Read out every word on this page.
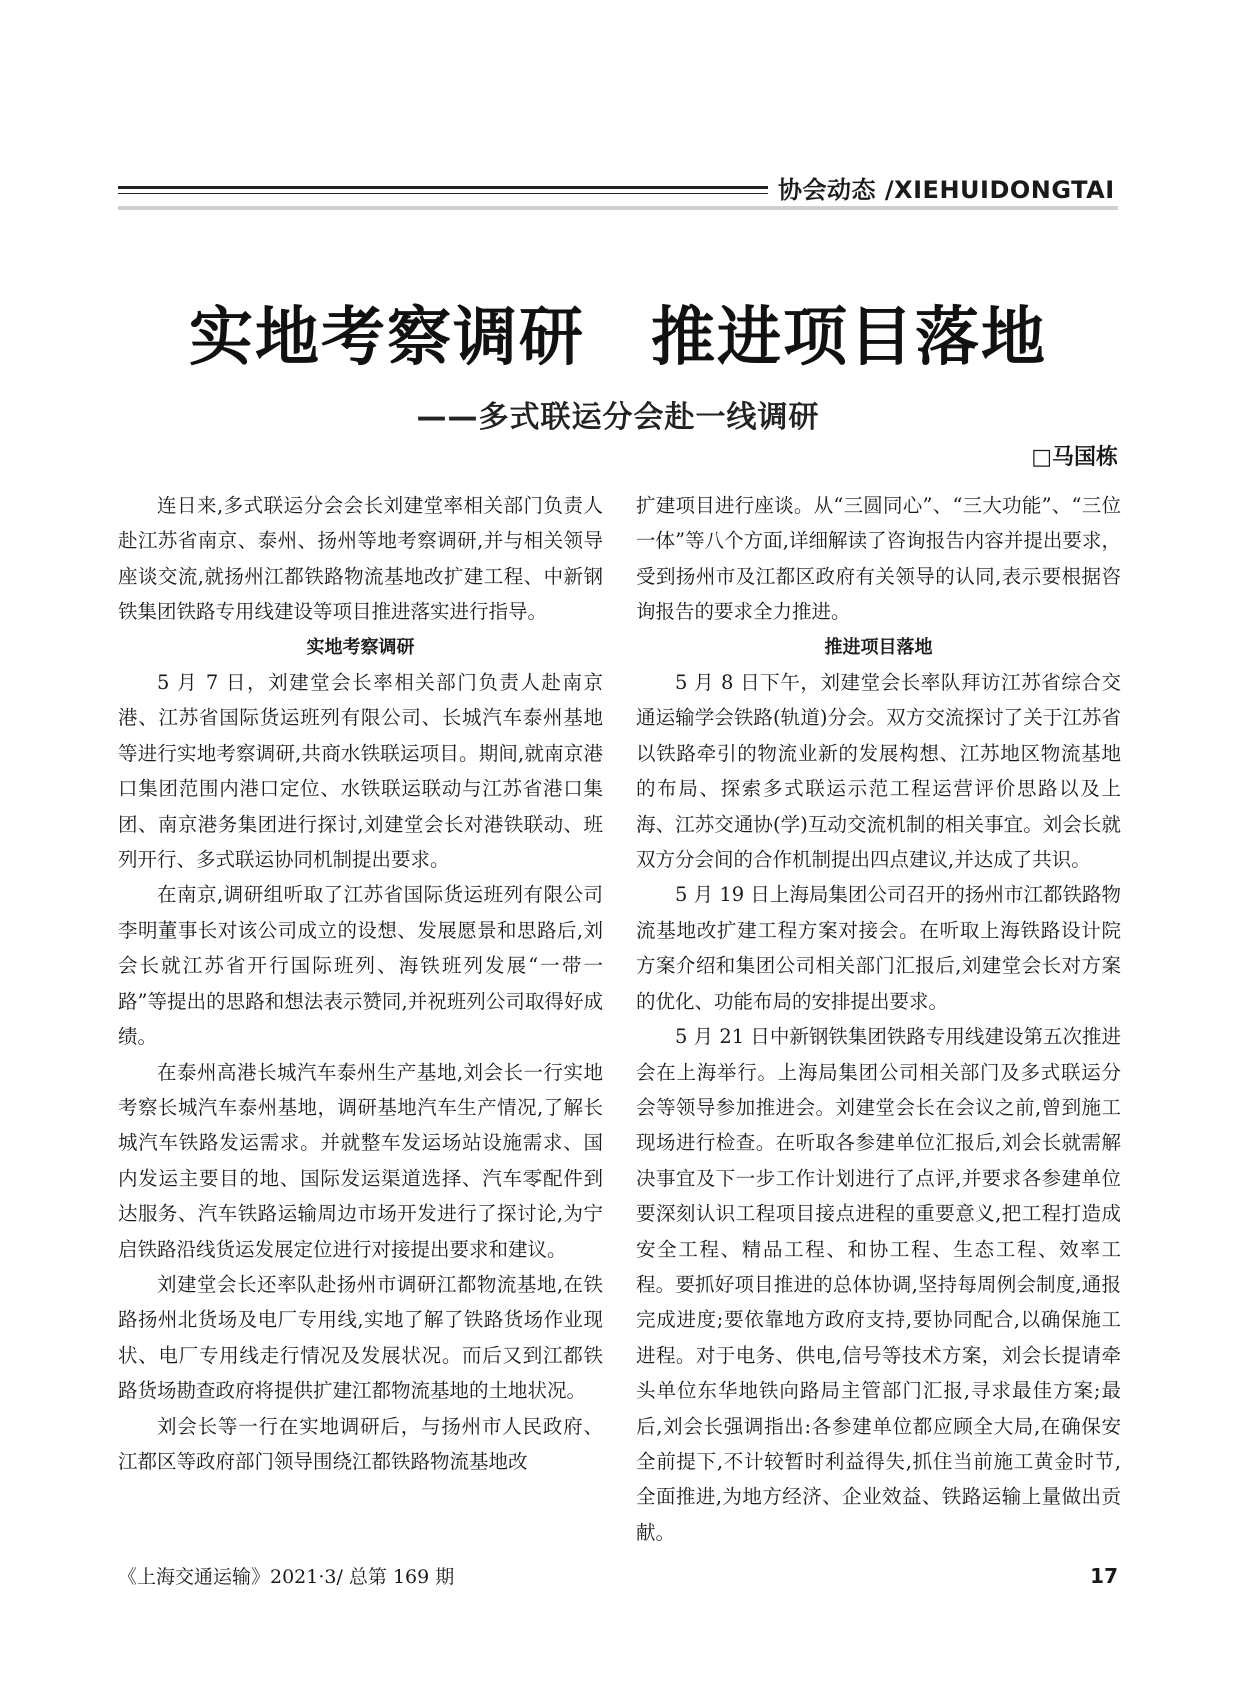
协会动态 /XIEHUIDONGTAI
实地考察调研　推进项目落地
——多式联运分会赴一线调研
□马国栋

连日来,多式联运分会会长刘建堂率相关部门负责人赴江苏省南京、泰州、扬州等地考察调研,并与相关领导座谈交流,就扬州江都铁路物流基地改扩建工程、中新钢铁集团铁路专用线建设等项目推进落实进行指导。

实地考察调研

5 月 7 日，刘建堂会长率相关部门负责人赴南京港、江苏省国际货运班列有限公司、长城汽车泰州基地等进行实地考察调研,共商水铁联运项目。期间,就南京港口集团范围内港口定位、水铁联运联动与江苏省港口集团、南京港务集团进行探讨,刘建堂会长对港铁联动、班列开行、多式联运协同机制提出要求。

在南京,调研组听取了江苏省国际货运班列有限公司李明董事长对该公司成立的设想、发展愿景和思路后,刘会长就江苏省开行国际班列、海铁班列发展“一带一路”等提出的思路和想法表示赞同,并祝班列公司取得好成绩。

在泰州高港长城汽车泰州生产基地,刘会长一行实地考察长城汽车泰州基地，调研基地汽车生产情况,了解长城汽车铁路发运需求。并就整车发运场站设施需求、国内发运主要目的地、国际发运渠道选择、汽车零配件到达服务、汽车铁路运输周边市场开发进行了探讨论,为宁启铁路沿线货运发展定位进行对接提出要求和建议。

刘建堂会长还率队赴扬州市调研江都物流基地,在铁路扬州北货场及电厂专用线,实地了解了铁路货场作业现状、电厂专用线走行情况及发展状况。而后又到江都铁路货场勘查政府将提供扩建江都物流基地的土地状况。

刘会长等一行在实地调研后，与扬州市人民政府、江都区等政府部门领导围绕江都铁路物流基地改

扩建项目进行座谈。从“三圆同心”、“三大功能”、“三位一体”等八个方面,详细解读了咨询报告内容并提出要求，受到扬州市及江都区政府有关领导的认同,表示要根据咨询报告的要求全力推进。

推进项目落地

5 月 8 日下午，刘建堂会长率队拜访江苏省综合交通运输学会铁路(轨道)分会。双方交流探讨了关于江苏省以铁路牵引的物流业新的发展构想、江苏地区物流基地的布局、探索多式联运示范工程运营评价思路以及上海、江苏交通协(学)互动交流机制的相关事宜。刘会长就双方分会间的合作机制提出四点建议,并达成了共识。

5 月 19 日上海局集团公司召开的扬州市江都铁路物流基地改扩建工程方案对接会。在听取上海铁路设计院方案介绍和集团公司相关部门汇报后,刘建堂会长对方案的优化、功能布局的安排提出要求。

5 月 21 日中新钢铁集团铁路专用线建设第五次推进会在上海举行。上海局集团公司相关部门及多式联运分会等领导参加推进会。刘建堂会长在会议之前,曾到施工现场进行检查。在听取各参建单位汇报后,刘会长就需解决事宜及下一步工作计划进行了点评,并要求各参建单位要深刻认识工程项目接点进程的重要意义,把工程打造成安全工程、精品工程、和协工程、生态工程、效率工程。要抓好项目推进的总体协调,坚持每周例会制度,通报完成进度;要依靠地方政府支持,要协同配合,以确保施工进程。对于电务、供电,信号等技术方案，刘会长提请牵头单位东华地铁向路局主管部门汇报,寻求最佳方案;最后,刘会长强调指出:各参建单位都应顾全大局,在确保安全前提下,不计较暂时利益得失,抓住当前施工黄金时节,全面推进,为地方经济、企业效益、铁路运输上量做出贡献。

《上海交通运输》2021·3/ 总第 169 期	17
